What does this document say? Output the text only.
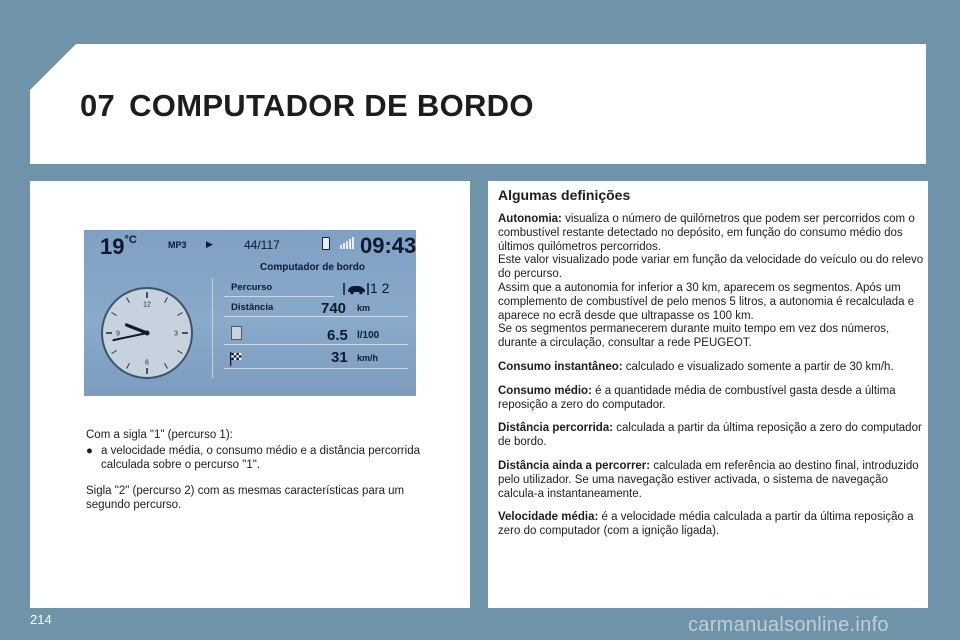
07 COMPUTADOR DE BORDO
$19^{^\circ C}$	MP3 ▶	44/117	09:43
Computador de bordo
12
3
6
9
Percurso
Distância
1 2
740 km
6.5 l/100
31 km/h

Com a sigla "1" (percurso 1):

● a velocidade média, o consumo médio e a distância percorrida calculada sobre o percurso "1".

Sigla "2" (percurso 2) com as mesmas características para um segundo percurso.

Algumas definições
Autonomia: visualiza o número de quilómetros que podem ser percorridos com o combustível restante detectado no depósito, em função do consumo médio dos últimos quilómetros percorridos.
Este valor visualizado pode variar em função da velocidade do veículo ou do relevo do percurso.
Assim que a autonomia for inferior a 30 km, aparecem os segmentos. Após um complemento de combustível de pelo menos 5 litros, a autonomia é recalculada e aparece no ecrã desde que ultrapasse os 100 km.
Se os segmentos permanecerem durante muito tempo em vez dos números, durante a circulação, consultar a rede PEUGEOT.
Consumo instantâneo: calculado e visualizado somente a partir de 30 km/h.
Consumo médio: é a quantidade média de combustível gasta desde a última reposição a zero do computador.
Distância percorrida: calculada a partir da última reposição a zero do computador de bordo.
Distância ainda a percorrer: calculada em referência ao destino final, introduzido pelo utilizador. Se uma navegação estiver activada, o sistema de navegação calcula-a instantaneamente.
Velocidade média: é a velocidade média calculada a partir da última reposição a zero do computador (com a ignição ligada).
214	carmanualsonline.info
